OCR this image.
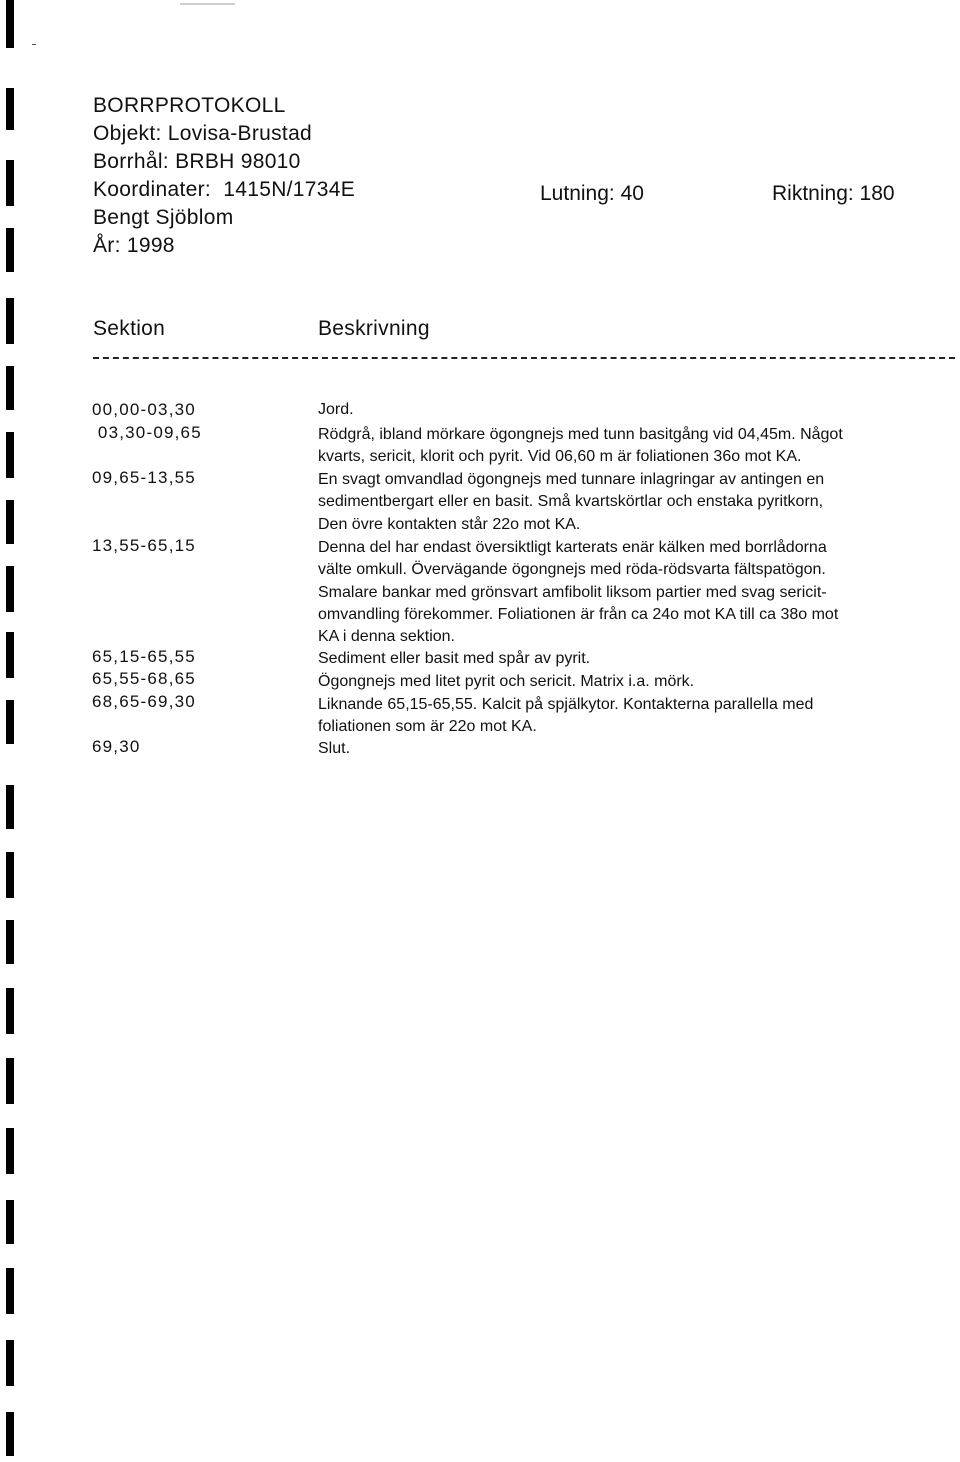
BORRPROTOKOLL
Objekt: Lovisa-Brustad
Borrhål: BRBH 98010
Koordinater:  1415N/1734E
Bengt Sjöblom
År: 1998
Lutning: 40	Riktning: 180
Sektion	Beskrivning
00,00-03,30	Jord.
03,30-09,65	Rödgrå, ibland mörkare ögongnejs med tunn basitgång vid 04,45m. Något
kvarts, sericit, klorit och pyrit. Vid 06,60 m är foliationen 36o mot KA.
09,65-13,55	En svagt omvandlad ögongnejs med tunnare inlagringar av antingen en
sedimentbergart eller en basit. Små kvartskörtlar och enstaka pyritkorn,
Den övre kontakten står 22o mot KA.
13,55-65,15	Denna del har endast översiktligt karterats enär kälken med borrlådorna
välte omkull. Övervägande ögongnejs med röda-rödsvarta fältspatögon.
Smalare bankar med grönsvart amfibolit liksom partier med svag sericit-
omvandling förekommer. Foliationen är från ca 24o mot KA till ca 38o mot
KA i denna sektion.
65,15-65,55	Sediment eller basit med spår av pyrit.
65,55-68,65	Ögongnejs med litet pyrit och sericit. Matrix i.a. mörk.
68,65-69,30	Liknande 65,15-65,55. Kalcit på spjälkytor. Kontakterna parallella med
foliationen som är 22o mot KA.
69,30	Slut.
